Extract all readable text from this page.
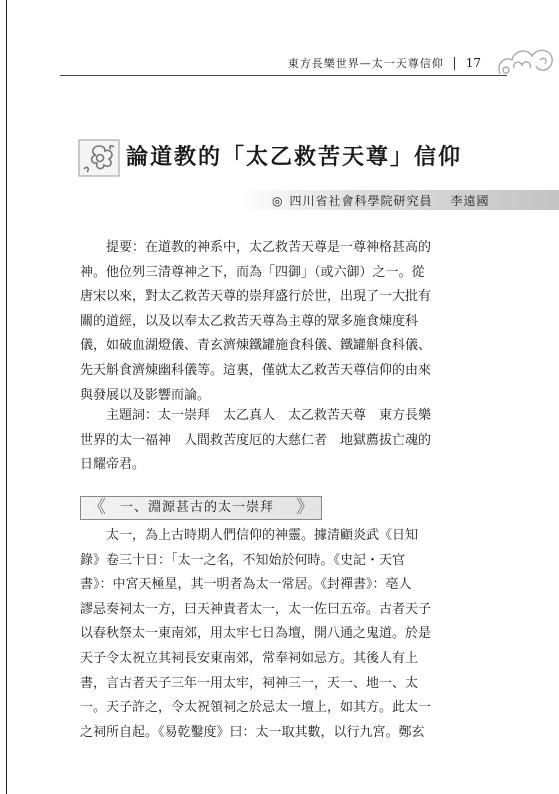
東方長樂世界—太一天尊信仰 17
論道教的「太乙救苦天尊」信仰
◎ 四川省社會科學院研究員 李遠國
　　提要：在道教的神系中，太乙救苦天尊是一尊神格甚高的
神。他位列三清尊神之下，而為「四御」（或六御）之一。從
唐宋以來，對太乙救苦天尊的崇拜盛行於世，出現了一大批有
關的道經，以及以奉太乙救苦天尊為主尊的眾多施食煉度科
儀，如破血湖燈儀、青玄濟煉鐵罐施食科儀、鐵罐斛食科儀、
先天斛食濟煉幽科儀等。這裏，僅就太乙救苦天尊信仰的由來
與發展以及影響而論。
　　主題詞：太一崇拜　太乙真人　太乙救苦天尊　東方長樂
世界的太一福神　人間救苦度厄的大慈仁者　地獄薦拔亡魂的
日耀帝君。
《 一、淵源甚古的太一崇拜 》
　　太一，為上古時期人們信仰的神靈。據清顧炎武《日知
錄》卷三十日：「太一之名，不知始於何時。《史記・天官
書》：中宮天極星，其一明者為太一常居。《封禪書》：亳人
謬忌奏祠太一方，曰天神貴者太一，太一佐曰五帝。古者天子
以春秋祭太一東南郊，用太牢七日為壇，開八通之鬼道。於是
天子令太祝立其祠長安東南郊，常奉祠如忌方。其後人有上
書，言古者天子三年一用太牢，祠神三一，天一、地一、太
一。天子許之，令太祝領祠之於忌太一壇上，如其方。此太一
之祠所自起。《易乾鑿度》曰：太一取其數，以行九宮。鄭玄
